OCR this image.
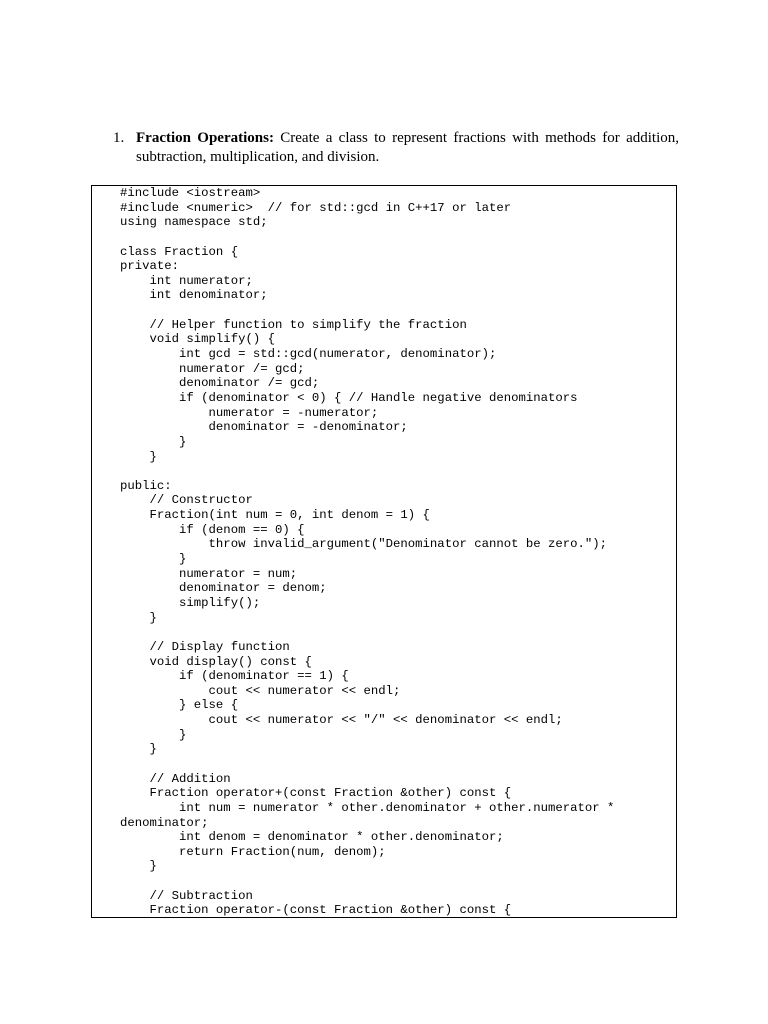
1. Fraction Operations: Create a class to represent fractions with methods for addition, subtraction, multiplication, and division.
#include <iostream>
#include <numeric>  // for std::gcd in C++17 or later
using namespace std;
class Fraction {
private:
int numerator;
int denominator;
// Helper function to simplify the fraction
void simplify() {
int gcd = std::gcd(numerator, denominator);
numerator /= gcd;
denominator /= gcd;
if (denominator < 0) { // Handle negative denominators
numerator = -numerator;
denominator = -denominator;
}
}
public:
// Constructor
Fraction(int num = 0, int denom = 1) {
if (denom == 0) {
throw invalid_argument("Denominator cannot be zero.");
}
numerator = num;
denominator = denom;
simplify();
}
// Display function
void display() const {
if (denominator == 1) {
cout << numerator << endl;
} else {
cout << numerator << "/" << denominator << endl;
}
}
// Addition
Fraction operator+(const Fraction &other) const {
int num = numerator * other.denominator + other.numerator *
denominator;
int denom = denominator * other.denominator;
return Fraction(num, denom);
}
// Subtraction
Fraction operator-(const Fraction &other) const {
